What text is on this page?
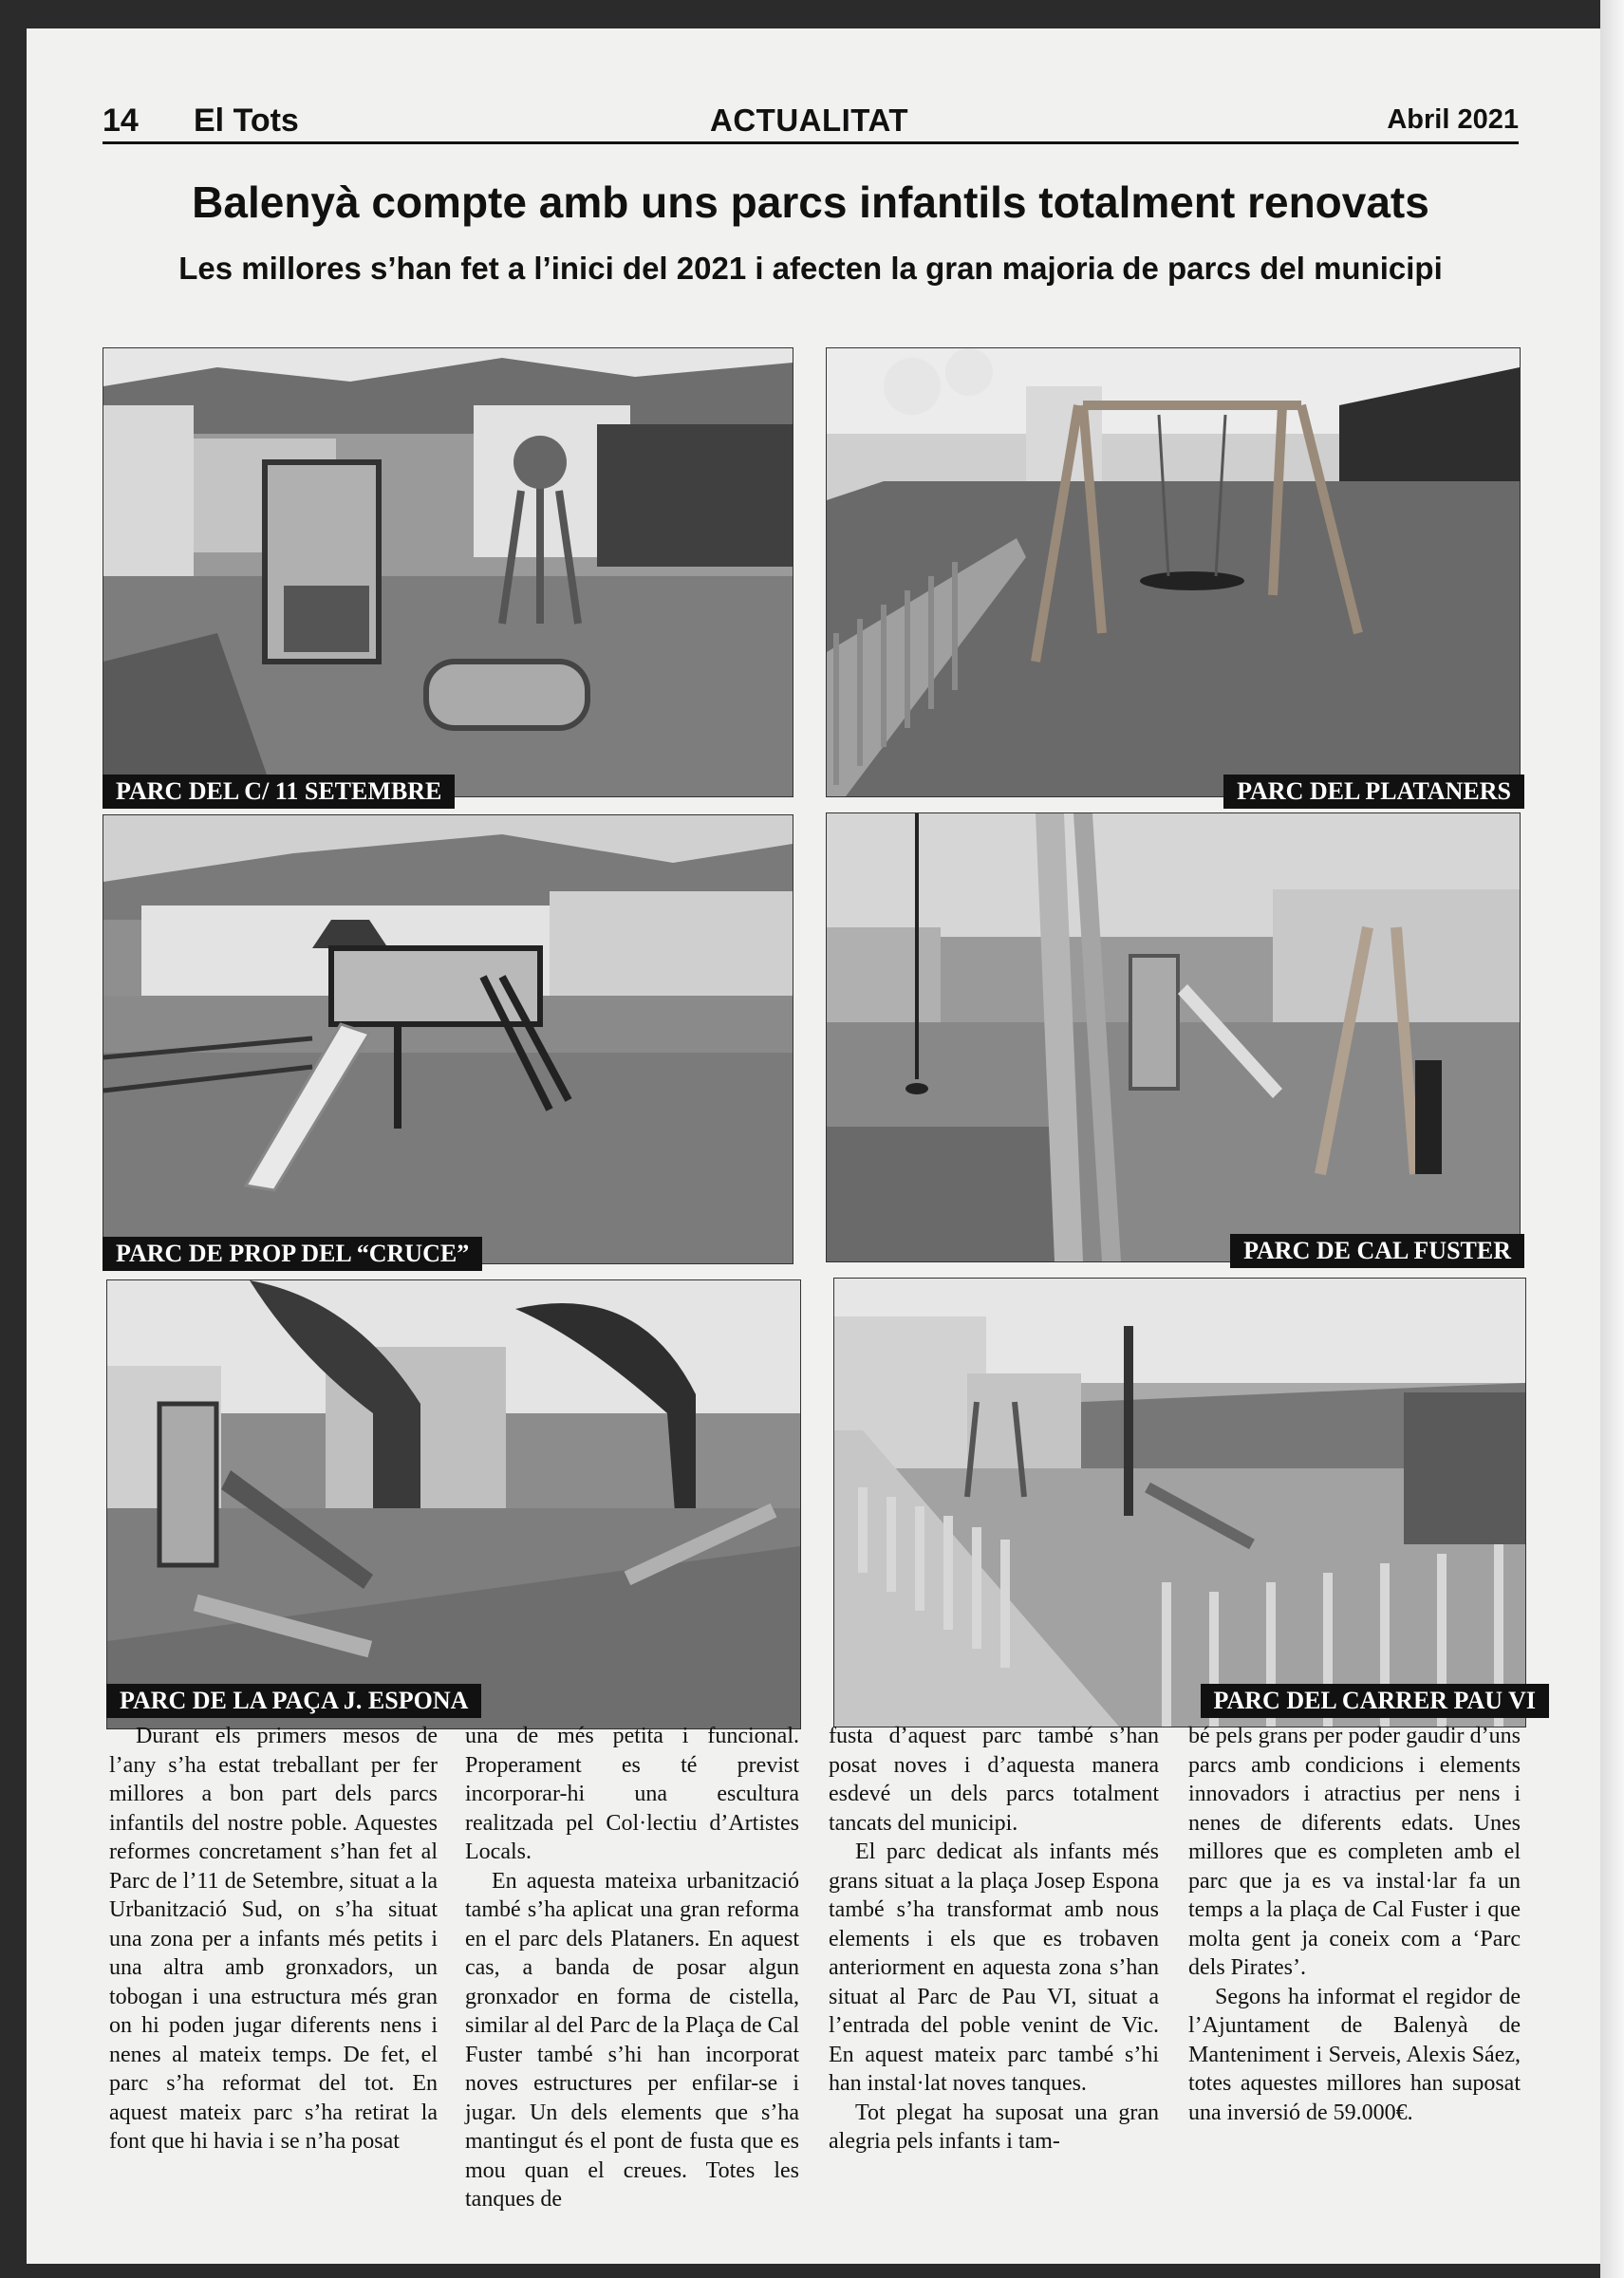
14 El Tots	ACTUALITAT	Abril 2021
Balenyà compte amb uns parcs infantils totalment renovats
Les millores s’han fet a l’inici del 2021 i afecten la gran majoria de parcs del municipi
PARC DEL C/ 11 SETEMBRE	PARC DEL PLATANERS
PARC DE PROP DEL “CRUCE”	PARC DE CAL FUSTER
PARC DE LA PAÇA J. ESPONA	PARC DEL CARRER PAU VI

Durant els primers mesos de l’any s’ha estat treballant per fer millores a bon part dels parcs infantils del nostre poble. Aquestes reformes concretament s’han fet al Parc de l’11 de Setembre, situat a la Urbanització Sud, on s’ha situat una zona per a infants més petits i una altra amb gronxadors, un tobogan i una estructura més gran on hi poden jugar diferents nens i nenes al mateix temps. De fet, el parc s’ha reformat del tot. En aquest mateix parc s’ha retirat la font que hi havia i se n’ha posat

una de més petita i funcional. Properament es té previst incorporar-hi una escultura realitzada pel Col·lectiu d’Artistes Locals.

En aquesta mateixa urbanització també s’ha aplicat una gran reforma en el parc dels Plataners. En aquest cas, a banda de posar algun gronxador en forma de cistella, similar al del Parc de la Plaça de Cal Fuster també s’hi han incorporat noves estructures per enfilar-se i jugar. Un dels elements que s’ha mantingut és el pont de fusta que es mou quan el creues. Totes les tanques de

fusta d’aquest parc també s’han posat noves i d’aquesta manera esdevé un dels parcs totalment tancats del municipi.

El parc dedicat als infants més grans situat a la plaça Josep Espona també s’ha transformat amb nous elements i els que es trobaven anteriorment en aquesta zona s’han situat al Parc de Pau VI, situat a l’entrada del poble venint de Vic. En aquest mateix parc també s’hi han instal·lat noves tanques.

Tot plegat ha suposat una gran alegria pels infants i tam-

bé pels grans per poder gaudir d’uns parcs amb condicions i elements innovadors i atractius per nens i nenes de diferents edats. Unes millores que es completen amb el parc que ja es va instal·lar fa un temps a la plaça de Cal Fuster i que molta gent ja coneix com a ‘Parc dels Pirates’.

Segons ha informat el regidor de l’Ajuntament de Balenyà de Manteniment i Serveis, Alexis Sáez, totes aquestes millores han suposat una inversió de 59.000€.
